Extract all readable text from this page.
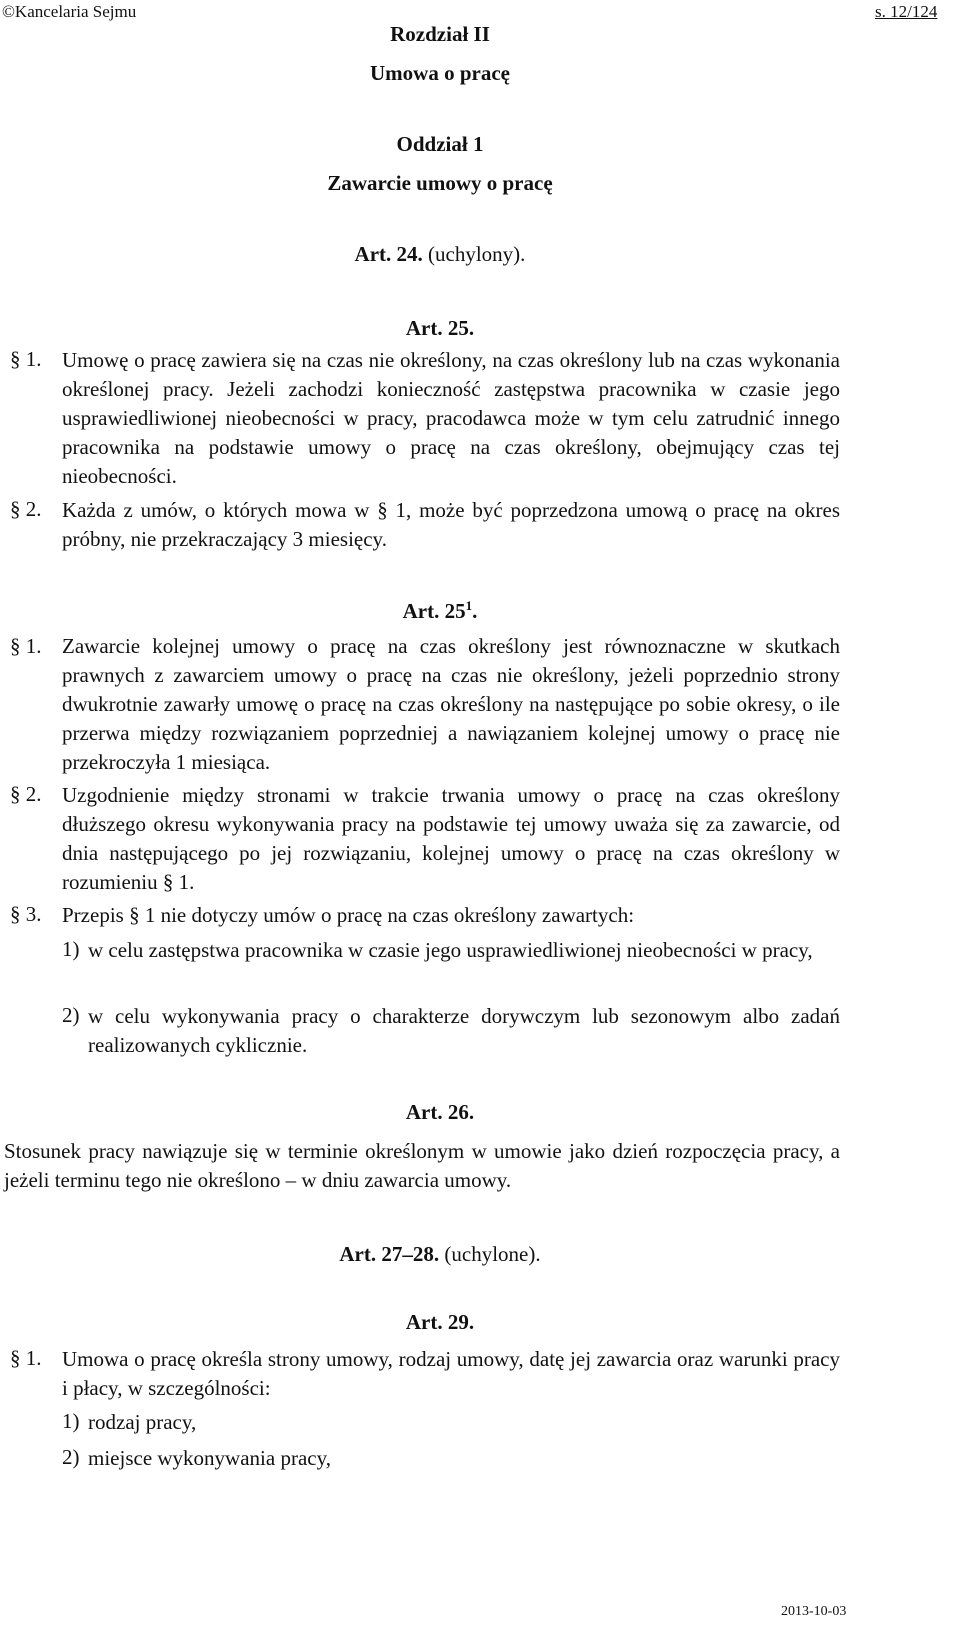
©Kancelaria Sejmu	s. 12/124
Rozdział II
Umowa o pracę
Oddział 1
Zawarcie umowy o pracę
Art. 24. (uchylony).
Art. 25.
§ 1. Umowę o pracę zawiera się na czas nie określony, na czas określony lub na czas wykonania określonej pracy. Jeżeli zachodzi konieczność zastępstwa pracownika w czasie jego usprawiedliwionej nieobecności w pracy, pracodawca może w tym celu zatrudnić innego pracownika na podstawie umowy o pracę na czas określony, obejmujący czas tej nieobecności.
§ 2. Każda z umów, o których mowa w § 1, może być poprzedzona umową o pracę na okres próbny, nie przekraczający 3 miesięcy.
Art. $25^1$.
§ 1. Zawarcie kolejnej umowy o pracę na czas określony jest równoznaczne w skutkach prawnych z zawarciem umowy o pracę na czas nie określony, jeżeli poprzednio strony dwukrotnie zawarły umowę o pracę na czas określony na następujące po sobie okresy, o ile przerwa między rozwiązaniem poprzedniej a nawiązaniem kolejnej umowy o pracę nie przekroczyła 1 miesiąca.
§ 2. Uzgodnienie między stronami w trakcie trwania umowy o pracę na czas określony dłuższego okresu wykonywania pracy na podstawie tej umowy uważa się za zawarcie, od dnia następującego po jej rozwiązaniu, kolejnej umowy o pracę na czas określony w rozumieniu § 1.
§ 3. Przepis § 1 nie dotyczy umów o pracę na czas określony zawartych:
1) w celu zastępstwa pracownika w czasie jego usprawiedliwionej nieobecności w pracy,
2) w celu wykonywania pracy o charakterze dorywczym lub sezonowym albo zadań realizowanych cyklicznie.
Art. 26.
Stosunek pracy nawiązuje się w terminie określonym w umowie jako dzień rozpoczęcia pracy, a jeżeli terminu tego nie określono – w dniu zawarcia umowy.
Art. 27–28. (uchylone).
Art. 29.
§ 1. Umowa o pracę określa strony umowy, rodzaj umowy, datę jej zawarcia oraz warunki pracy i płacy, w szczególności:
1) rodzaj pracy,
2) miejsce wykonywania pracy,
2013-10-03
